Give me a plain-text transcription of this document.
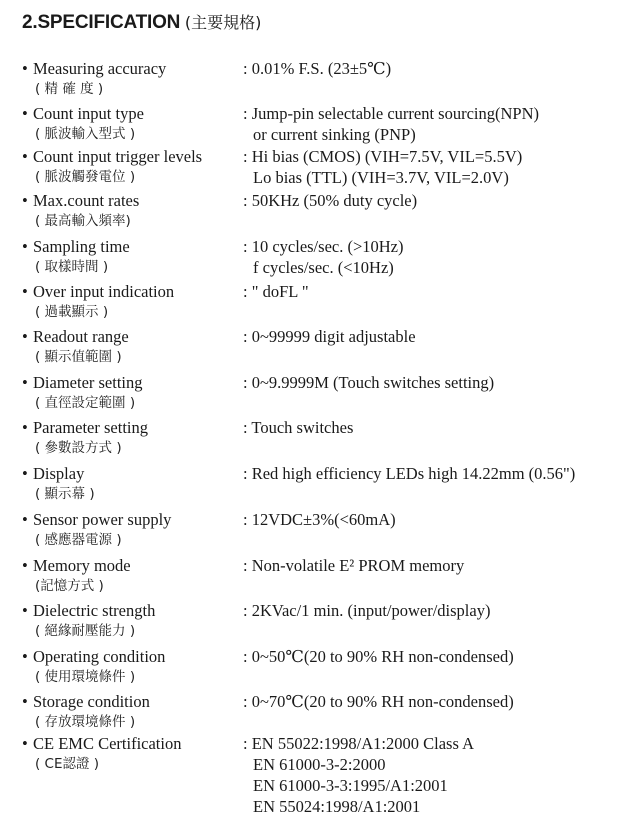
2.SPECIFICATION (主要規格)
• Measuring accuracy
( 精 確 度 )
: 0.01% F.S. (23±5℃)
• Count input type
( 脈波輸入型式 )
: Jump-pin selectable current sourcing(NPN)
or current sinking (PNP)
• Count input trigger levels
( 脈波觸發電位 )
: Hi bias (CMOS) (VIH=7.5V, VIL=5.5V)
Lo bias (TTL) (VIH=3.7V, VIL=2.0V)
• Max.count rates
( 最高輸入頻率)
: 50KHz (50% duty cycle)
• Sampling time
( 取樣時間 )
: 10 cycles/sec. (>10Hz)
f cycles/sec. (<10Hz)
• Over input indication
( 過載顯示 )
: " doFL "
• Readout range
( 顯示值範圍 )
: 0~99999 digit adjustable
• Diameter setting
( 直徑設定範圍 )
: 0~9.9999M (Touch switches setting)
• Parameter setting
( 參數設方式 )
: Touch switches
• Display
( 顯示幕 )
: Red high efficiency LEDs high 14.22mm (0.56")
• Sensor power supply
( 感應器電源 )
: 12VDC±3%(<60mA)
• Memory mode
(記憶方式 )
: Non-volatile E² PROM memory
• Dielectric strength
( 絕緣耐壓能力 )
: 2KVac/1 min. (input/power/display)
• Operating condition
( 使用環境條件 )
: 0~50℃(20 to 90% RH non-condensed)
• Storage condition
( 存放環境條件 )
: 0~70℃(20 to 90% RH non-condensed)
• CE EMC Certification
( CE認證 )
: EN 55022:1998/A1:2000 Class A
EN 61000-3-2:2000
EN 61000-3-3:1995/A1:2001
EN 55024:1998/A1:2001
